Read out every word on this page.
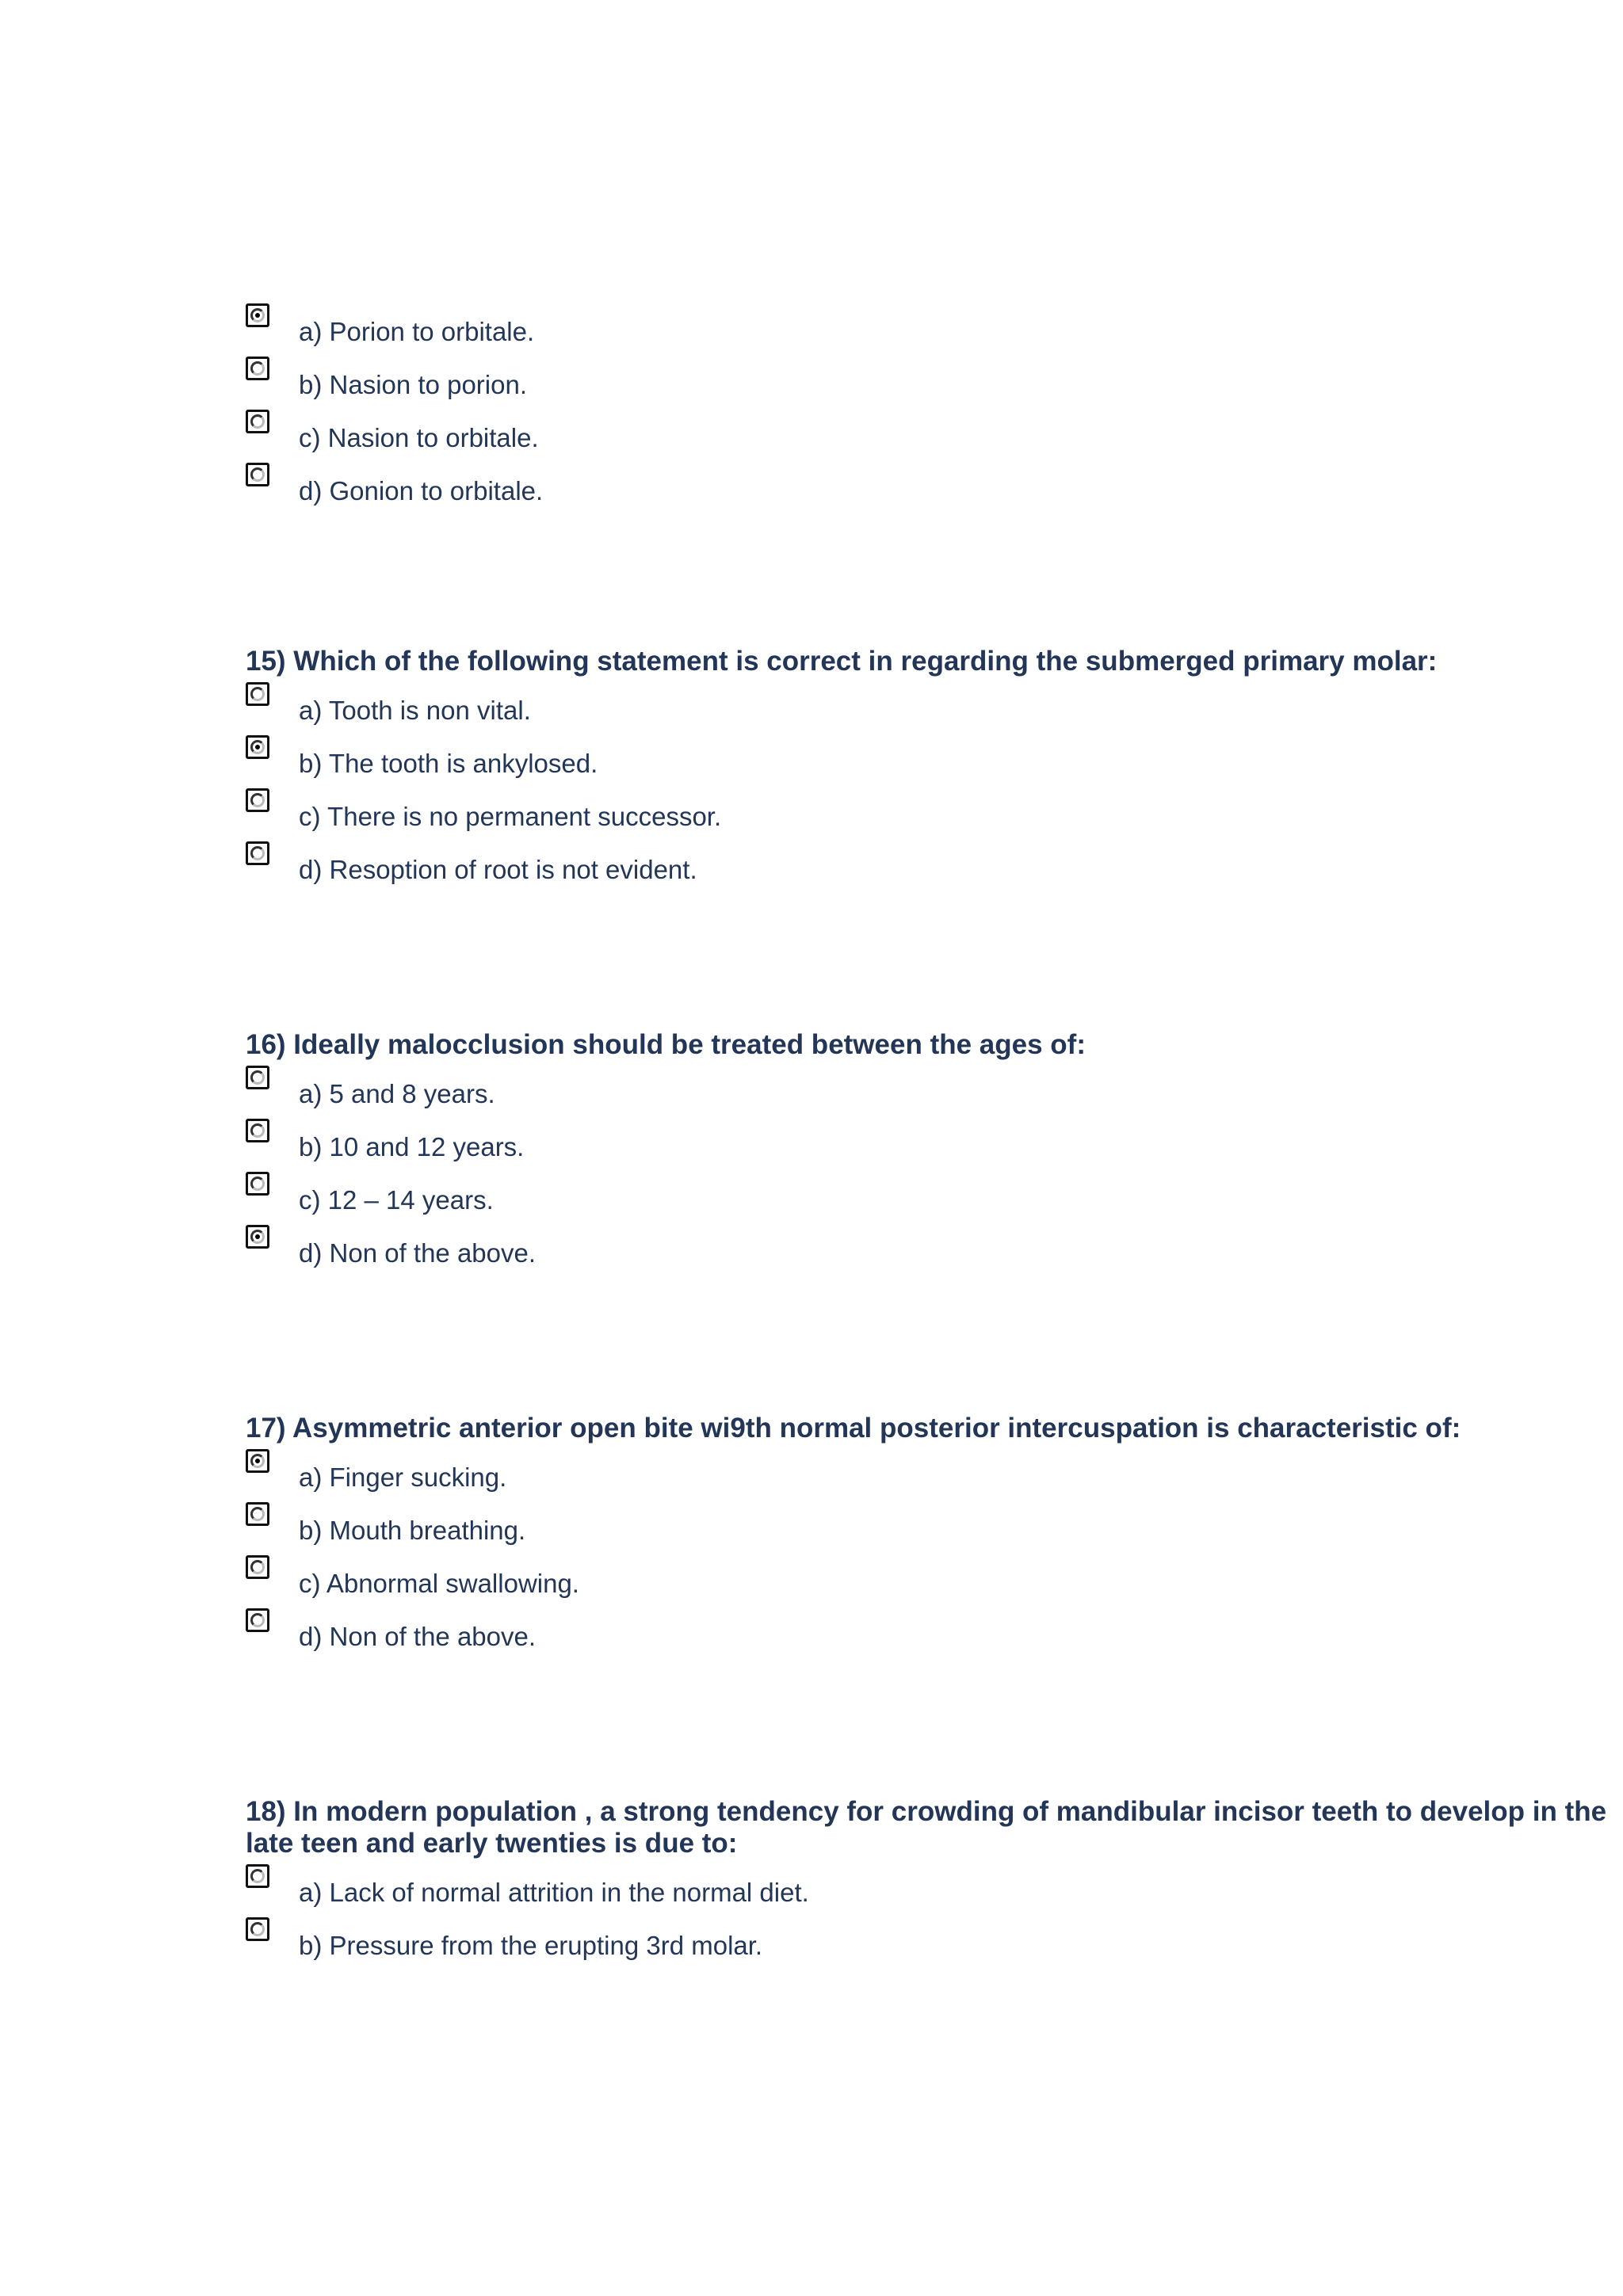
a) Porion to orbitale.
b) Nasion to porion.
c) Nasion to orbitale.
d) Gonion to orbitale.
15) Which of the following statement is correct in regarding the submerged primary molar:
a) Tooth is non vital.
b) The tooth is ankylosed.
c) There is no permanent successor.
d) Resoption of root is not evident.
16) Ideally malocclusion should be treated between the ages of:
a) 5 and 8 years.
b) 10 and 12 years.
c) 12 – 14 years.
d) Non of the above.
17) Asymmetric anterior open bite wi9th normal posterior intercuspation is characteristic of:
a) Finger sucking.
b) Mouth breathing.
c) Abnormal swallowing.
d) Non of the above.
18) In modern population , a strong tendency for crowding of mandibular incisor teeth to develop in the late teen and early twenties is due to:
a) Lack of normal attrition in the normal diet.
b) Pressure from the erupting 3rd molar.
